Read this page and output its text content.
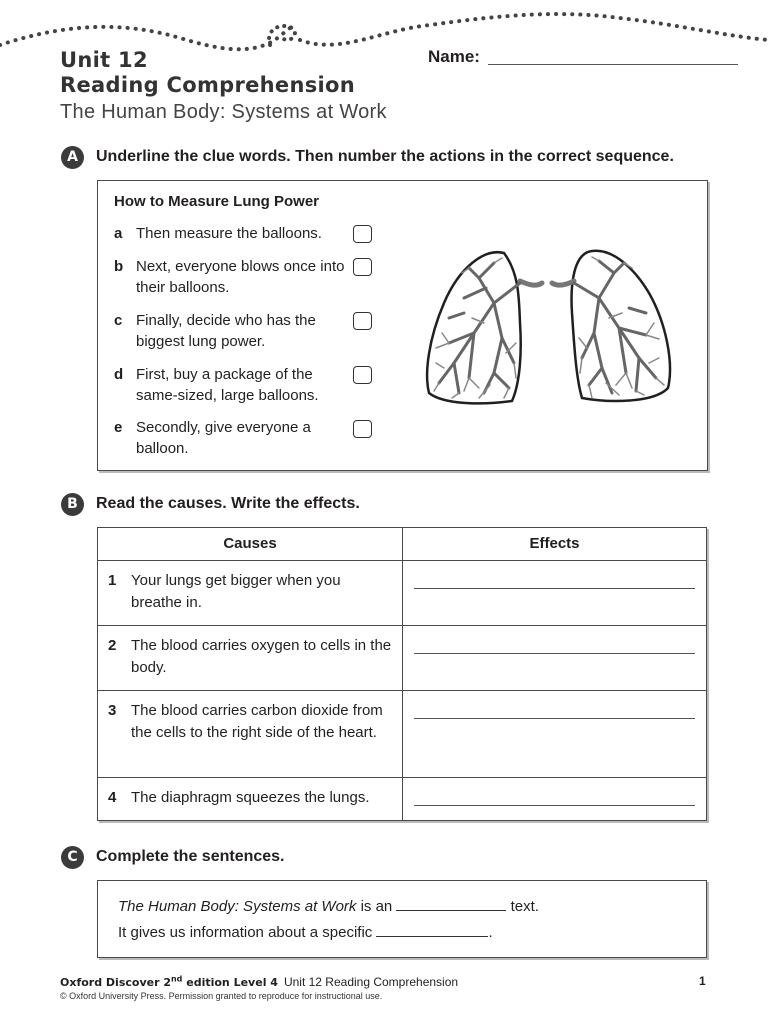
Unit 12
Reading Comprehension
The Human Body: Systems at Work
Name:
A	Underline the clue words. Then number the actions in the correct sequence.
How to Measure Lung Power
a Then measure the balloons.
b Next, everyone blows once into their balloons.
c Finally, decide who has the biggest lung power.
d First, buy a package of the same-sized, large balloons.
e Secondly, give everyone a balloon.
B	Read the causes. Write the effects.
Causes	Effects

1 Your lungs get bigger when you breathe in.	

2 The blood carries oxygen to cells in the body.	

3 The blood carries carbon dioxide from the cells to the right side of the heart.	

4 The diaphragm squeezes the lungs.	

C	Complete the sentences.
The Human Body: Systems at Work is an	text.
It gives us information about a specific	.
Oxford Discover 2nd edition Level 4 Unit 12 Reading Comprehension	1
© Oxford University Press. Permission granted to reproduce for instructional use.
